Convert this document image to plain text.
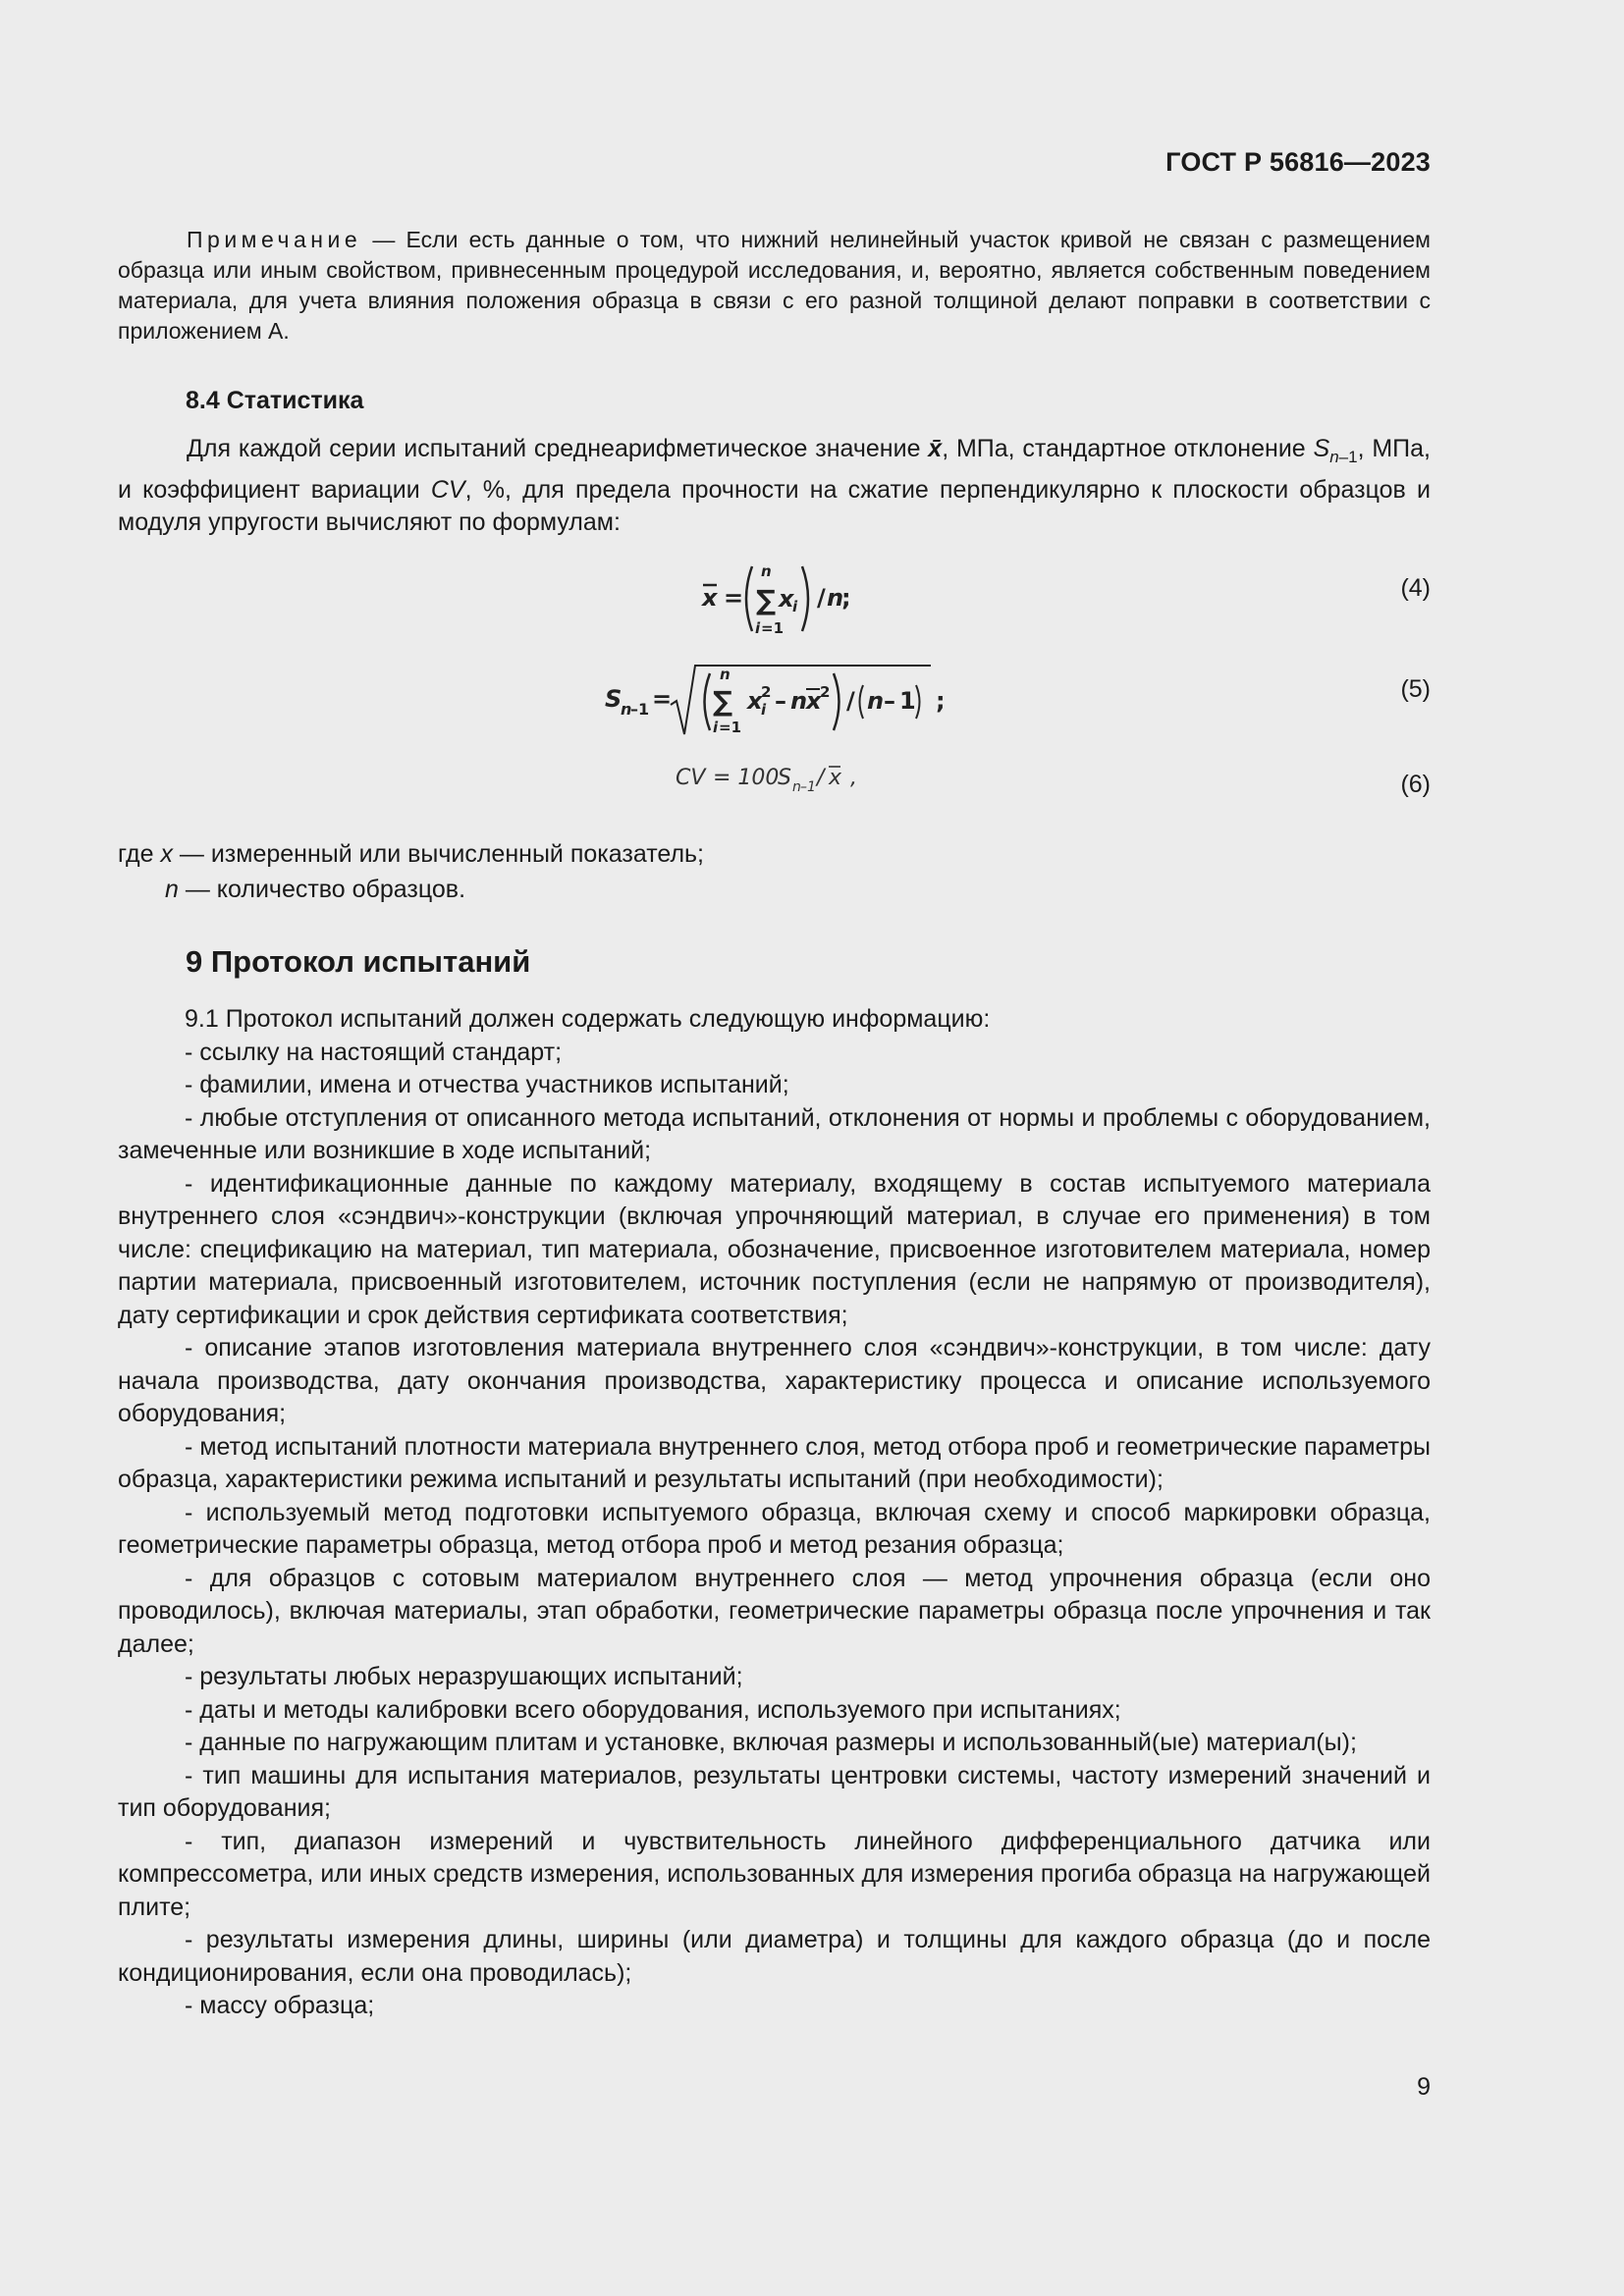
ГОСТ Р 56816—2023
Примечание — Если есть данные о том, что нижний нелинейный участок кривой не связан с размещением образца или иным свойством, привнесенным процедурой исследования, и, вероятно, является собственным поведением материала, для учета влияния положения образца в связи с его разной толщиной делают поправки в соответствии с приложением А.
8.4 Статистика
Для каждой серии испытаний среднеарифметическое значение x̄, МПа, стандартное отклонение $S_{n-1}$, МПа, и коэффициент вариации CV, %, для предела прочности на сжатие перпендикулярно к плоскости образцов и модуля упругости вычисляют по формулам:
x =
n
∑ x
i
i =1
/ n
;	(4)
S
n
–1 =
n
∑
i =1
x
2
i – n
x
2 / n – 1 ;	(5)
CV = 100
S n –1 / x ,	(6)
где x — измеренный или вычисленный показатель;
n — количество образцов.
9 Протокол испытаний

9.1 Протокол испытаний должен содержать следующую информацию:

- ссылку на настоящий стандарт;

- фамилии, имена и отчества участников испытаний;

- любые отступления от описанного метода испытаний, отклонения от нормы и проблемы с оборудованием, замеченные или возникшие в ходе испытаний;

- идентификационные данные по каждому материалу, входящему в состав испытуемого материала внутреннего слоя «сэндвич»-конструкции (включая упрочняющий материал, в случае его применения) в том числе: спецификацию на материал, тип материала, обозначение, присвоенное изготовителем материала, номер партии материала, присвоенный изготовителем, источник поступления (если не напрямую от производителя), дату сертификации и срок действия сертификата соответствия;

- описание этапов изготовления материала внутреннего слоя «сэндвич»-конструкции, в том числе: дату начала производства, дату окончания производства, характеристику процесса и описание используемого оборудования;

- метод испытаний плотности материала внутреннего слоя, метод отбора проб и геометрические параметры образца, характеристики режима испытаний и результаты испытаний (при необходимости);

- используемый метод подготовки испытуемого образца, включая схему и способ маркировки образца, геометрические параметры образца, метод отбора проб и метод резания образца;

- для образцов с сотовым материалом внутреннего слоя — метод упрочнения образца (если оно проводилось), включая материалы, этап обработки, геометрические параметры образца после упрочнения и так далее;

- результаты любых неразрушающих испытаний;

- даты и методы калибровки всего оборудования, используемого при испытаниях;

- данные по нагружающим плитам и установке, включая размеры и использованный(ые) материал(ы);

- тип машины для испытания материалов, результаты центровки системы, частоту измерений значений и тип оборудования;

- тип, диапазон измерений и чувствительность линейного дифференциального датчика или компрессометра, или иных средств измерения, использованных для измерения прогиба образца на нагружающей плите;

- результаты измерения длины, ширины (или диаметра) и толщины для каждого образца (до и после кондиционирования, если она проводилась);

- массу образца;

9
